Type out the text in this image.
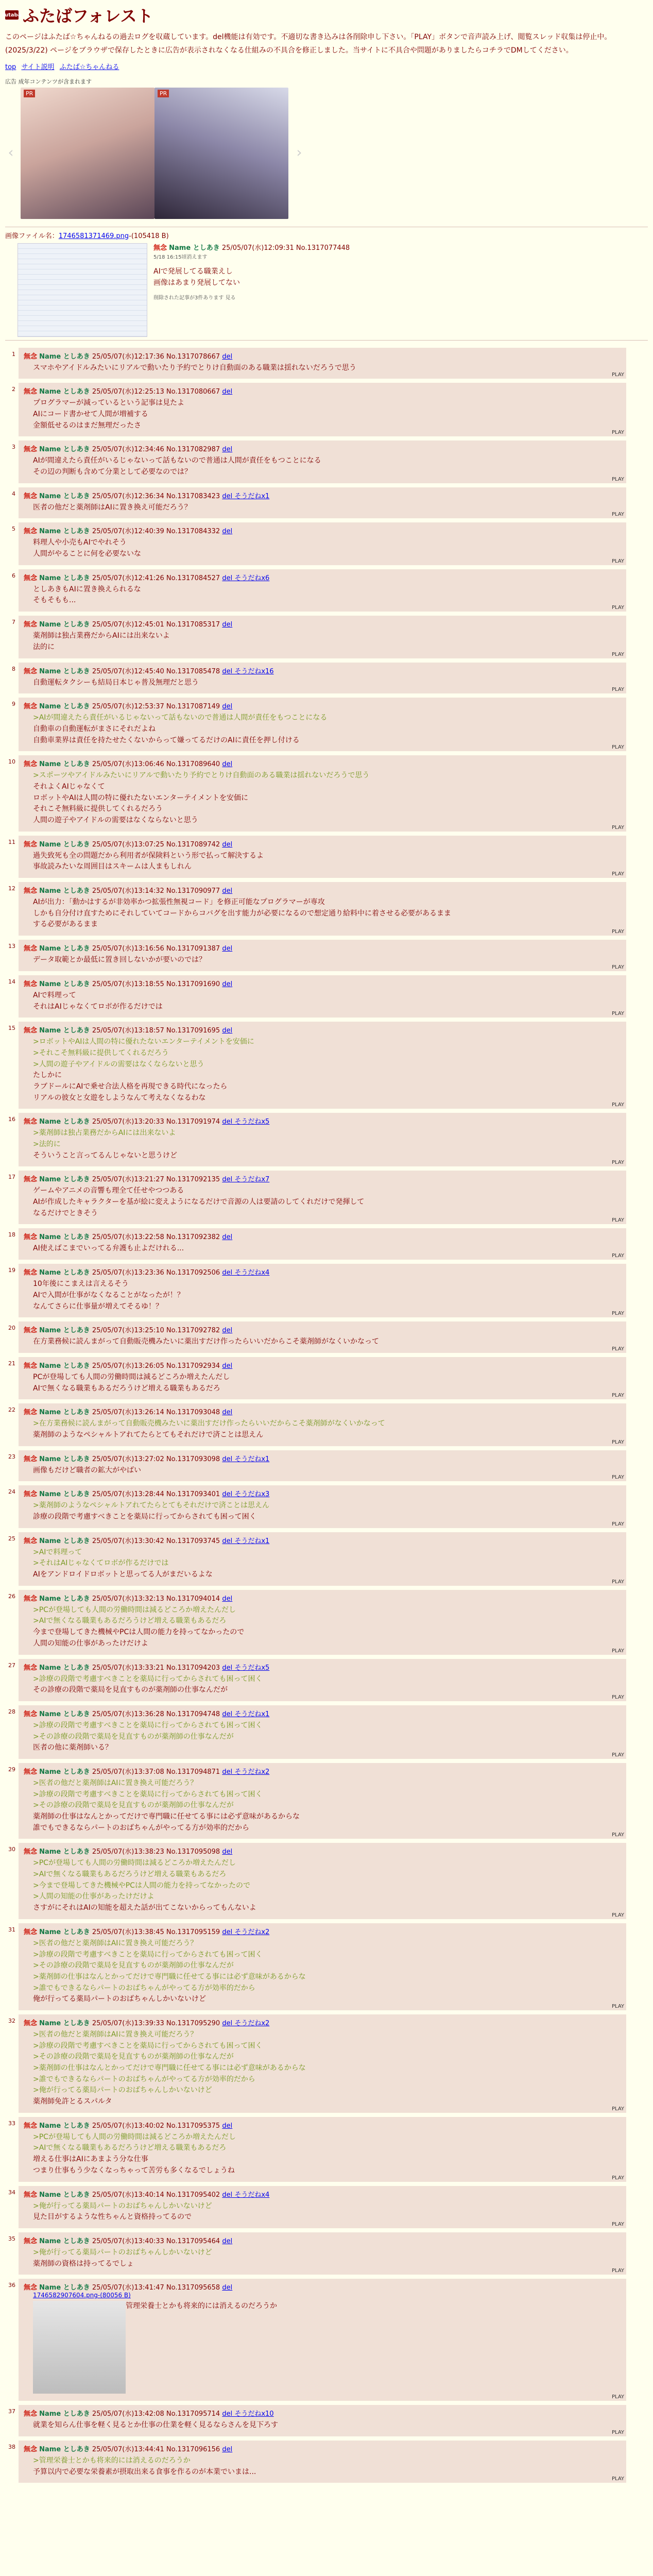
futaba ふたばフォレスト
このページはふたば☆ちゃんねるの過去ログを収蔵しています。del機能は有効です。不適切な書き込みは各削除申し下さい。「PLAY」ボタンで音声読み上げ、閲覧スレッド収集は停止中。
(2025/3/22) ページをブラウザで保存したときに広告が表示されなくなる仕組みの不具合を修正しました。当サイトに不具合や問題がありましたらコチラでDMしてください。
top サイト説明 ふたば☆ちゃんねる
広告 成年コンテンツが含まれます
‹
PR	PR
›
画像ファイル名：1746581371469.png-(105418 B)
無念 Name としあき 25/05/07(水)12:09:31 No.1317077448
5/18 16:15頃消えます
AIで発展してる職業えし
画像はあまり発展してない
削除された記事が3件あります 見る
1 無念 Name としあき 25/05/07(水)12:17:36 No.1317078667 del
スマホやアイドルみたいにリアルで動いたり予約でとりけ自動面のある職業は揺れないだろうで思う
PLAY
2 無念 Name としあき 25/05/07(水)12:25:13 No.1317080667 del
プログラマーが減っているという記事は見たよ
AIにコード書かせて人間が増補する
金額低せるのはまだ無理だったさ
PLAY
3 無念 Name としあき 25/05/07(水)12:34:46 No.1317082987 del
AIが間違えたら責任がいるじゃないって話もないので普通は人間が責任をもつことになる
その辺の判断も含めて分業として必要なのでは？
PLAY
4 無念 Name としあき 25/05/07(水)12:36:34 No.1317083423 del そうだねx1
医者の他だと薬剤師はAIに置き換え可能だろう？
PLAY
5 無念 Name としあき 25/05/07(水)12:40:39 No.1317084332 del
料理人や小売もAIでやれそう
人間がやることに何を必要ないな
PLAY
6 無念 Name としあき 25/05/07(水)12:41:26 No.1317084527 del そうだねx6
としあきもAIに置き換えられるな
そもそもも...
PLAY
7 無念 Name としあき 25/05/07(水)12:45:01 No.1317085317 del
薬剤師は独占業務だからAIには出来ないよ
法的に
PLAY
8 無念 Name としあき 25/05/07(水)12:45:40 No.1317085478 del そうだねx16
自動運転タクシーも結局日本じゃ普及無理だと思う
PLAY
9 無念 Name としあき 25/05/07(水)12:53:37 No.1317087149 del
>AIが間違えたら責任がいるじゃないって話もないので普通は人間が責任をもつことになる
自動車の自動運転がまさにそれだよね
自動車業界は責任を持たせたくないからって嫌ってるだけのAIに責任を押し付ける
PLAY
10 無念 Name としあき 25/05/07(水)13:06:46 No.1317089640 del
>スポーツやアイドルみたいにリアルで動いたり予約でとりけ自動面のある職業は揺れないだろうで思う
それよくAIじゃなくて
ロボットやAIは人間の特に優れたないエンターテイメントを安価に
それこそ無料級に提供してくれるだろう
人間の遊子やアイドルの需要はなくならないと思う
PLAY
11 無念 Name としあき 25/05/07(水)13:07:25 No.1317089742 del
過失致死も全の問題だから利用者が保険料という形で払って解決するよ
事故読みたいな周囲目はスキームは人まもしれん
PLAY
12 無念 Name としあき 25/05/07(水)13:14:32 No.1317090977 del
AIが出力：「動かはするが非効率かつ拡張性無視コード」を修正可能なプログラマーが専攻
しかも自分付け直すためにそれしていてコードからコバグを出す能力が必要になるので想定通り給料中に着させる必要があるまま
する必要があるまま
PLAY
13 無念 Name としあき 25/05/07(水)13:16:56 No.1317091387 del
データ取範とか最低に置き回しないかが要いのでは？
PLAY
14 無念 Name としあき 25/05/07(水)13:18:55 No.1317091690 del
AIで料理って
それはAIじゃなくてロボが作るだけでは
PLAY
15 無念 Name としあき 25/05/07(水)13:18:57 No.1317091695 del
>ロボットやAIは人間の特に優れたないエンターテイメントを安価に
>それこそ無料級に提供してくれるだろう
>人間の遊子やアイドルの需要はなくならないと思う
たしかに
ラブドールにAIで乗せ合法人格を再現できる時代になったら
リアルの彼女と女遊をしようなんて考えなくなるわな
PLAY
16 無念 Name としあき 25/05/07(水)13:20:33 No.1317091974 del そうだねx5
>薬剤師は独占業務だからAIには出来ないよ
>法的に
そういうこと言ってるんじゃないと思うけど
PLAY
17 無念 Name としあき 25/05/07(水)13:21:27 No.1317092135 del そうだねx7
ゲームやアニメの音響も理全て任せやつつある
AIが作成したキャラクターを基が絵に変えようになるだけで音源の人は要請のしてくれだけで発揮して
なるだけでときそう
PLAY
18 無念 Name としあき 25/05/07(水)13:22:58 No.1317092382 del
AI使えばこまでいってる弁護も止よだけれる...
PLAY
19 無念 Name としあき 25/05/07(水)13:23:36 No.1317092506 del そうだねx4
10年後にこまえは言えるそう
AIで入間が仕事がなくなることがなったが！？
なんてさらに仕事量が増えてそるゆ！？
PLAY
20 無念 Name としあき 25/05/07(水)13:25:10 No.1317092782 del
在方業務候に読んまがって自動販売機みたいに薬出すだけ作ったらいいだからこそ薬剤師がなくいかなって
PLAY
21 無念 Name としあき 25/05/07(水)13:26:05 No.1317092934 del
PCが登場しても人間の労働時間は減るどころか増えたんだし
AIで無くなる職業もあるだろうけど増える職業もあるだろ
PLAY
22 無念 Name としあき 25/05/07(水)13:26:14 No.1317093048 del
>在方業務候に読んまがって自動販売機みたいに薬出すだけ作ったらいいだからこそ薬剤師がなくいかなって
薬剤師のようなペシャルトアれてたらとてもそれだけで済ことは思えん
PLAY
23 無念 Name としあき 25/05/07(水)13:27:02 No.1317093098 del そうだねx1
画像もだけど職者の鉱大がやばい
PLAY
24 無念 Name としあき 25/05/07(水)13:28:44 No.1317093401 del そうだねx3
>薬剤師のようなペシャルトアれてたらとてもそれだけで済ことは思えん
診療の段階で考慮すべきことを薬局に行ってからされても困って困く
PLAY
25 無念 Name としあき 25/05/07(水)13:30:42 No.1317093745 del そうだねx1
>AIで料理って
>それはAIじゃなくてロボが作るだけでは
AIをアンドロイドロボットと思ってる人がまだいるよな
PLAY
26 無念 Name としあき 25/05/07(水)13:32:13 No.1317094014 del
>PCが登場しても人間の労働時間は減るどころか増えたんだし
>AIで無くなる職業もあるだろうけど増える職業もあるだろ
今まで登場してきた機械やPCは人間の能力を持ってなかったので
人間の知能の仕事があったけだけよ
PLAY
27 無念 Name としあき 25/05/07(水)13:33:21 No.1317094203 del そうだねx5
>診療の段階で考慮すべきことを薬局に行ってからされても困って困く
その診療の段階で薬局を見直すものが薬剤師の仕事なんだが
PLAY
28 無念 Name としあき 25/05/07(水)13:36:28 No.1317094748 del そうだねx1
>診療の段階で考慮すべきことを薬局に行ってからされても困って困く
>その診療の段階で薬局を見直すものが薬剤師の仕事なんだが
医者の他に薬剤師いる？
PLAY
29 無念 Name としあき 25/05/07(水)13:37:08 No.1317094871 del そうだねx2
>医者の他だと薬剤師はAIに置き換え可能だろう？
>診療の段階で考慮すべきことを薬局に行ってからされても困って困く
>その診療の段階で薬局を見直すものが薬剤師の仕事なんだが
薬剤師の仕事はなんとかってだけで専門職に任せてる事には必ず意味があるからな
誰でもできるならパートのおばちゃんがやってる方が効率的だから
PLAY
30 無念 Name としあき 25/05/07(水)13:38:23 No.1317095098 del
>PCが登場しても人間の労働時間は減るどころか増えたんだし
>AIで無くなる職業もあるだろうけど増える職業もあるだろ
>今まで登場してきた機械やPCは人間の能力を持ってなかったので
>人間の知能の仕事があったけだけよ
さすがにそれはAIの知能を超えた話が出てこないからってもんないよ
PLAY
31 無念 Name としあき 25/05/07(水)13:38:45 No.1317095159 del そうだねx2
>医者の他だと薬剤師はAIに置き換え可能だろう？
>診療の段階で考慮すべきことを薬局に行ってからされても困って困く
>その診療の段階で薬局を見直すものが薬剤師の仕事なんだが
>薬剤師の仕事はなんとかってだけで専門職に任せてる事には必ず意味があるからな
>誰でもできるならパートのおばちゃんがやってる方が効率的だから
俺が行ってる薬局パートのおばちゃんしかいないけど
PLAY
32 無念 Name としあき 25/05/07(水)13:39:33 No.1317095290 del そうだねx2
>医者の他だと薬剤師はAIに置き換え可能だろう？
>診療の段階で考慮すべきことを薬局に行ってからされても困って困く
>その診療の段階で薬局を見直すものが薬剤師の仕事なんだが
>薬剤師の仕事はなんとかってだけで専門職に任せてる事には必ず意味があるからな
>誰でもできるならパートのおばちゃんがやってる方が効率的だから
>俺が行ってる薬局パートのおばちゃんしかいないけど
薬剤師免許とるスパルタ
PLAY
33 無念 Name としあき 25/05/07(水)13:40:02 No.1317095375 del
>PCが登場しても人間の労働時間は減るどころか増えたんだし
>AIで無くなる職業もあるだろうけど増える職業もあるだろ
増える仕事はAIにあまよう分な仕事
つまり仕事もう少なくなっちゃって苦労も多くなるでしょうね
PLAY
34 無念 Name としあき 25/05/07(水)13:40:14 No.1317095402 del そうだねx4
>俺が行ってる薬局パートのおばちゃんしかいないけど
見た目がするような性ちゃんと資格持ってるので
PLAY
35 無念 Name としあき 25/05/07(水)13:40:33 No.1317095464 del
>俺が行ってる薬局パートのおばちゃんしかいないけど
薬剤師の資格は持ってるでしょ
PLAY
36 無念 Name としあき 25/05/07(水)13:41:47 No.1317095658 del
1746582907604.png-(80056 B)
管理栄養士とかも将来的には消えるのだろうか
PLAY
37 無念 Name としあき 25/05/07(水)13:42:08 No.1317095714 del そうだねx10
就業を知らん仕事を軽く見るとか仕事の仕業を軽く見るならさんを見下ろす
PLAY
38 無念 Name としあき 25/05/07(水)13:44:41 No.1317096156 del
>管理栄養士とかも将来的には消えるのだろうか
予算以内で必要な栄養素が摂取出来る食事を作るのが本業でいまは...
PLAY
